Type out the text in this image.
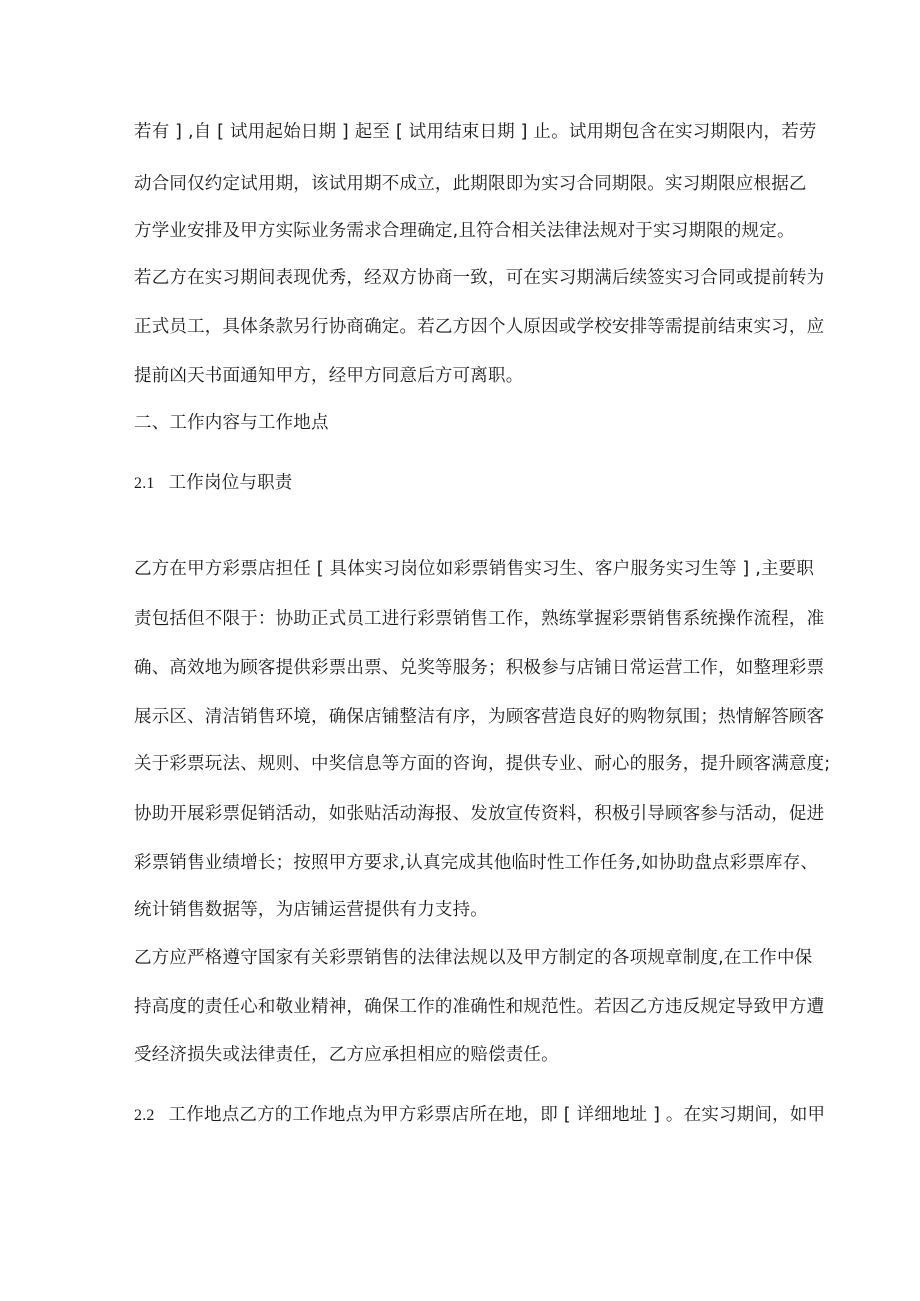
若有 ] ,自 [ 试用起始日期 ] 起至 [ 试用结束日期 ] 止。试用期包含在实习期限内，若劳
动合同仅约定试用期，该试用期不成立，此期限即为实习合同期限。实习期限应根据乙
方学业安排及甲方实际业务需求合理确定,且符合相关法律法规对于实习期限的规定。
若乙方在实习期间表现优秀，经双方协商一致，可在实习期满后续签实习合同或提前转为
正式员工，具体条款另行协商确定。若乙方因个人原因或学校安排等需提前结束实习，应
提前凶天书面通知甲方，经甲方同意后方可离职。
二、工作内容与工作地点
2.1 工作岗位与职责
乙方在甲方彩票店担任 [ 具体实习岗位如彩票销售实习生、客户服务实习生等 ] ,主要职
责包括但不限于：协助正式员工进行彩票销售工作，熟练掌握彩票销售系统操作流程，准
确、高效地为顾客提供彩票出票、兑奖等服务；积极参与店铺日常运营工作，如整理彩票
展示区、清洁销售环境，确保店铺整洁有序，为顾客营造良好的购物氛围；热情解答顾客
关于彩票玩法、规则、中奖信息等方面的咨询，提供专业、耐心的服务，提升顾客满意度;
协助开展彩票促销活动，如张贴活动海报、发放宣传资料，积极引导顾客参与活动，促进
彩票销售业绩增长；按照甲方要求,认真完成其他临时性工作任务,如协助盘点彩票库存、
统计销售数据等，为店铺运营提供有力支持。
乙方应严格遵守国家有关彩票销售的法律法规以及甲方制定的各项规章制度,在工作中保
持高度的责任心和敬业精神，确保工作的准确性和规范性。若因乙方违反规定导致甲方遭
受经济损失或法律责任，乙方应承担相应的赔偿责任。
2.2 工作地点乙方的工作地点为甲方彩票店所在地，即 [ 详细地址 ] 。在实习期间，如甲
